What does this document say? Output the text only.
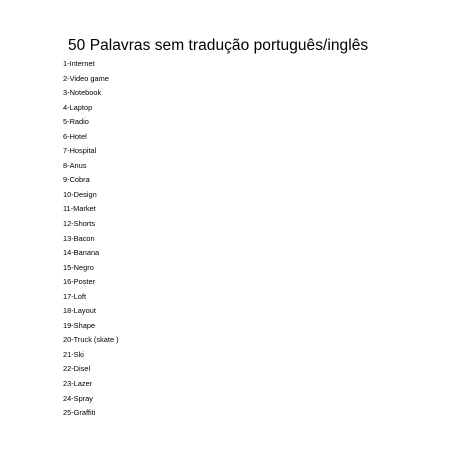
50 Palavras sem tradução português/inglês
1-Internet
2-Video game
3-Notebook
4-Laptop
5-Radio
6-Hotel
7-Hospital
8-Anus
9-Cobra
10-Design
11-Market
12-Shorts
13-Bacon
14-Banana
15-Negro
16-Poster
17-Loft
18-Layout
19-Shape
20-Truck (skate )
21-Ski
22-Disel
23-Lazer
24-Spray
25-Graffiti
